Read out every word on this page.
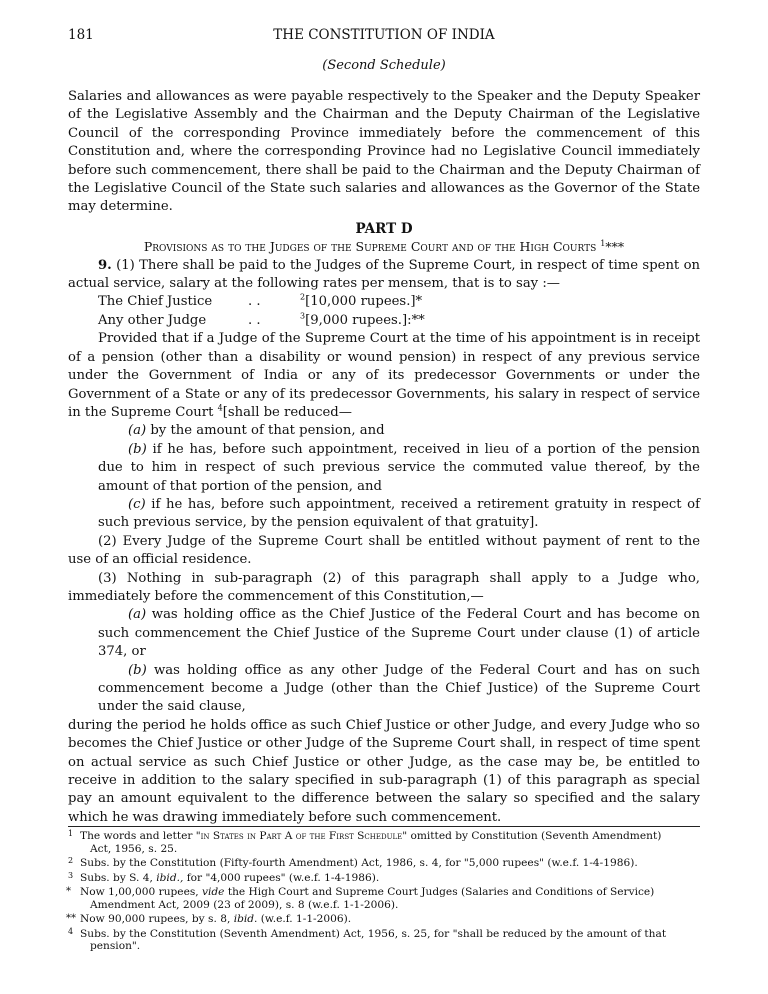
181	THE CONSTITUTION OF INDIA
(Second Schedule)

Salaries and allowances as were payable respectively to the Speaker and the Deputy Speaker of the Legislative Assembly and the Chairman and the Deputy Chairman of the Legislative Council of the corresponding Province immediately before the commencement of this Constitution and, where the corresponding Province had no Legislative Council immediately before such commencement, there shall be paid to the Chairman and the Deputy Chairman of the Legislative Council of the State such salaries and allowances as the Governor of the State may determine.

PART D

Provisions as to the Judges of the Supreme Court and of the High Courts $^1$***

9. (1) There shall be paid to the Judges of the Supreme Court, in respect of time spent on actual service, salary at the following rates per mensem, that is to say :—

The Chief Justice	. .	$^2$[10,000 rupees.]*
Any other Judge	. .	$^3$[9,000 rupees.]:**

Provided that if a Judge of the Supreme Court at the time of his appointment is in receipt of a pension (other than a disability or wound pension) in respect of any previous service under the Government of India or any of its predecessor Governments or under the Government of a State or any of its predecessor Governments, his salary in respect of service in the Supreme Court $^4$[shall be reduced—

(a) by the amount of that pension, and

(b) if he has, before such appointment, received in lieu of a portion of the pension due to him in respect of such previous service the commuted value thereof, by the amount of that portion of the pension, and

(c) if he has, before such appointment, received a retirement gratuity in respect of such previous service, by the pension equivalent of that gratuity].

(2) Every Judge of the Supreme Court shall be entitled without payment of rent to the use of an official residence.

(3) Nothing in sub-paragraph (2) of this paragraph shall apply to a Judge who, immediately before the commencement of this Constitution,—

(a) was holding office as the Chief Justice of the Federal Court and has become on such commencement the Chief Justice of the Supreme Court under clause (1) of article 374, or

(b) was holding office as any other Judge of the Federal Court and has on such commencement become a Judge (other than the Chief Justice) of the Supreme Court under the said clause,

during the period he holds office as such Chief Justice or other Judge, and every Judge who so becomes the Chief Justice or other Judge of the Supreme Court shall, in respect of time spent on actual service as such Chief Justice or other Judge, as the case may be, be entitled to receive in addition to the salary specified in sub-paragraph (1) of this paragraph as special pay an amount equivalent to the difference between the salary so specified and the salary which he was drawing immediately before such commencement.

1 The words and letter "in States in Part A of the First Schedule" omitted by Constitution (Seventh Amendment)
Act, 1956, s. 25.
2 Subs. by the Constitution (Fifty-fourth Amendment) Act, 1986, s. 4, for "5,000 rupees" (w.e.f. 1-4-1986).
3 Subs. by S. 4, ibid., for "4,000 rupees" (w.e.f. 1-4-1986).
* Now 1,00,000 rupees, vide the High Court and Supreme Court Judges (Salaries and Conditions of Service)
Amendment Act, 2009 (23 of 2009), s. 8 (w.e.f. 1-1-2006).
** Now 90,000 rupees, by s. 8, ibid. (w.e.f. 1-1-2006).
4 Subs. by the Constitution (Seventh Amendment) Act, 1956, s. 25, for "shall be reduced by the amount of that
pension".
